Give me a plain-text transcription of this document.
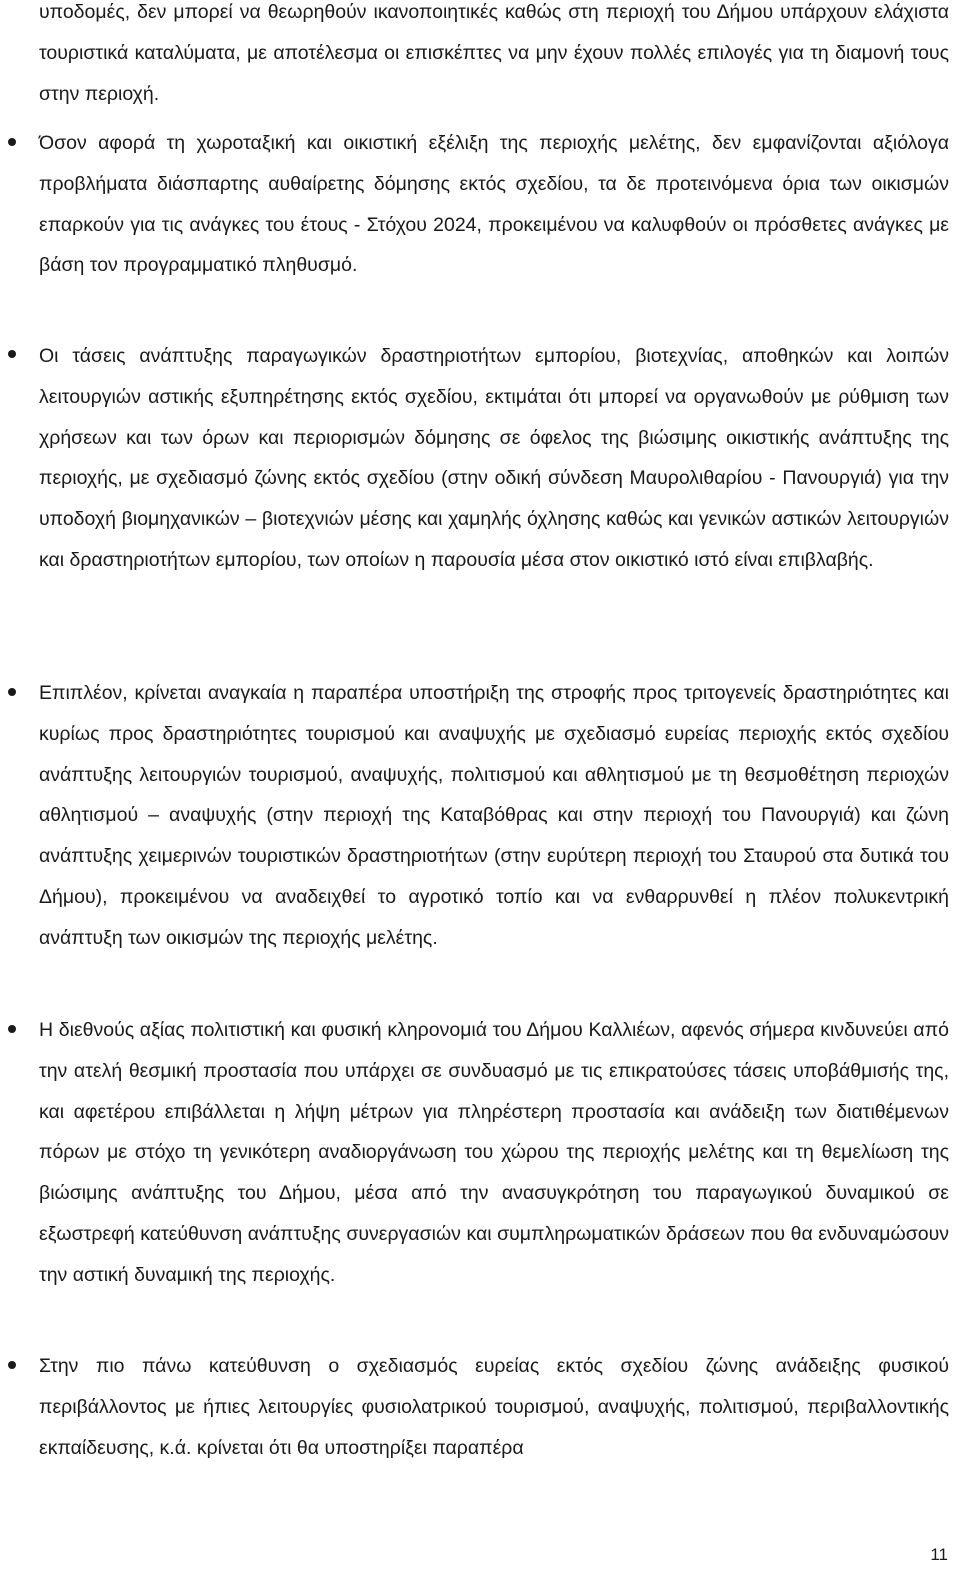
υποδομές, δεν μπορεί να θεωρηθούν ικανοποιητικές καθώς στη περιοχή του Δήμου υπάρχουν ελάχιστα τουριστικά καταλύματα, με αποτέλεσμα οι επισκέπτες να μην έχουν πολλές επιλογές για τη διαμονή τους στην περιοχή.

Όσον αφορά τη χωροταξική και οικιστική εξέλιξη της περιοχής μελέτης, δεν εμφανίζονται αξιόλογα προβλήματα διάσπαρτης αυθαίρετης δόμησης εκτός σχεδίου, τα δε προτεινόμενα όρια των οικισμών επαρκούν για τις ανάγκες του έτους - Στόχου 2024, προκειμένου να καλυφθούν οι πρόσθετες ανάγκες με βάση τον προγραμματικό πληθυσμό.

Οι τάσεις ανάπτυξης παραγωγικών δραστηριοτήτων εμπορίου, βιοτεχνίας, αποθηκών και λοιπών λειτουργιών αστικής εξυπηρέτησης εκτός σχεδίου, εκτιμάται ότι μπορεί να οργανωθούν με ρύθμιση των χρήσεων και των όρων και περιορισμών δόμησης σε όφελος της βιώσιμης οικιστικής ανάπτυξης της περιοχής, με σχεδιασμό ζώνης εκτός σχεδίου (στην οδική σύνδεση Μαυρολιθαρίου - Πανουργιά) για την υποδοχή βιομηχανικών – βιοτεχνιών μέσης και χαμηλής όχλησης καθώς και γενικών αστικών λειτουργιών και δραστηριοτήτων εμπορίου, των οποίων η παρουσία μέσα στον οικιστικό ιστό είναι επιβλαβής.

Επιπλέον, κρίνεται αναγκαία η παραπέρα υποστήριξη της στροφής προς τριτογενείς δραστηριότητες και κυρίως προς δραστηριότητες τουρισμού και αναψυχής με σχεδιασμό ευρείας περιοχής εκτός σχεδίου ανάπτυξης λειτουργιών τουρισμού, αναψυχής, πολιτισμού και αθλητισμού με τη θεσμοθέτηση περιοχών αθλητισμού – αναψυχής (στην περιοχή της Καταβόθρας και στην περιοχή του Πανουργιά) και ζώνη ανάπτυξης χειμερινών τουριστικών δραστηριοτήτων (στην ευρύτερη περιοχή του Σταυρού στα δυτικά του Δήμου), προκειμένου να αναδειχθεί το αγροτικό τοπίο και να ενθαρρυνθεί η πλέον πολυκεντρική ανάπτυξη των οικισμών της περιοχής μελέτης.

Η διεθνούς αξίας πολιτιστική και φυσική κληρονομιά του Δήμου Καλλιέων, αφενός σήμερα κινδυνεύει από την ατελή θεσμική προστασία που υπάρχει σε συνδυασμό με τις επικρατούσες τάσεις υποβάθμισής της, και αφετέρου επιβάλλεται η λήψη μέτρων για πληρέστερη προστασία και ανάδειξη των διατιθέμενων πόρων με στόχο τη γενικότερη αναδιοργάνωση του χώρου της περιοχής μελέτης και τη θεμελίωση της βιώσιμης ανάπτυξης του Δήμου, μέσα από την ανασυγκρότηση του παραγωγικού δυναμικού σε εξωστρεφή κατεύθυνση ανάπτυξης συνεργασιών και συμπληρωματικών δράσεων που θα ενδυναμώσουν την αστική δυναμική της περιοχής.

Στην πιο πάνω κατεύθυνση ο σχεδιασμός ευρείας εκτός σχεδίου ζώνης ανάδειξης φυσικού περιβάλλοντος με ήπιες λειτουργίες φυσιολατρικού τουρισμού, αναψυχής, πολιτισμού, περιβαλλοντικής εκπαίδευσης, κ.ά. κρίνεται ότι θα υποστηρίξει παραπέρα

11
